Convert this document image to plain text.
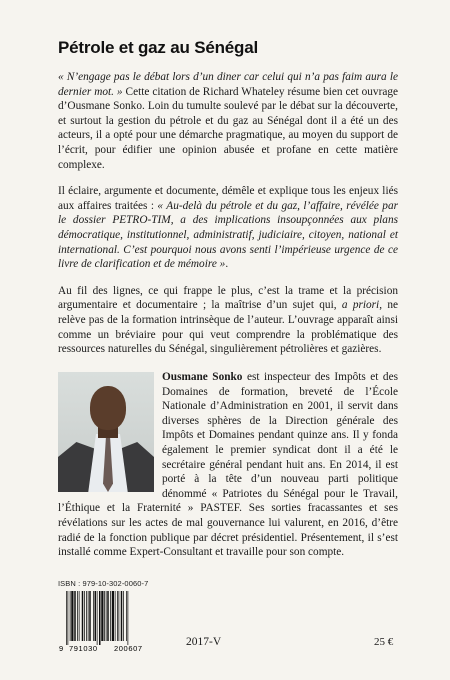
Pétrole et gaz au Sénégal

« N’engage pas le débat lors d’un diner car celui qui n’a pas faim aura le dernier mot. » Cette citation de Richard Whateley résume bien cet ouvrage d’Ousmane Sonko. Loin du tumulte soulevé par le débat sur la découverte, et surtout la gestion du pétrole et du gaz au Sénégal dont il a été un des acteurs, il a opté pour une démarche pragmatique, au moyen du support de l’écrit, pour édifier une opinion abusée et profane en cette matière complexe.

Il éclaire, argumente et documente, démêle et explique tous les enjeux liés aux affaires traitées : « Au-delà du pétrole et du gaz, l’affaire, révélée par le dossier PETRO-TIM, a des implications insoupçonnées aux plans démocratique, institutionnel, administratif, judiciaire, citoyen, national et international. C’est pourquoi nous avons senti l’impérieuse urgence de ce livre de clarification et de mémoire ».

Au fil des lignes, ce qui frappe le plus, c’est la trame et la précision argumentaire et documentaire ; la maîtrise d’un sujet qui, a priori, ne relève pas de la formation intrinsèque de l’auteur. L’ouvrage apparaît ainsi comme un bréviaire pour qui veut comprendre la problématique des ressources naturelles du Sénégal, singulièrement pétrolières et gazières.

Ousmane Sonko est inspecteur des Impôts et des Domaines de formation, breveté de l’École Nationale d’Administration en 2001, il servit dans diverses sphères de la Direction générale des Impôts et Domaines pendant quinze ans. Il y fonda également le premier syndicat dont il a été le secrétaire général pendant huit ans. En 2014, il est porté à la tête d’un nouveau parti politique dénommé « Patriotes du Sénégal pour le Travail, l’Éthique et la Fraternité » PASTEF. Ses sorties fracassantes et ses révélations sur les actes de mal gouvernance lui valurent, en 2016, d’être radié de la fonction publique par décret présidentiel. Présentement, il s’est installé comme Expert-Consultant et travaille pour son compte.
ISBN : 979-10-302-0060-7
9 791030 200607
2017-V	25 €
